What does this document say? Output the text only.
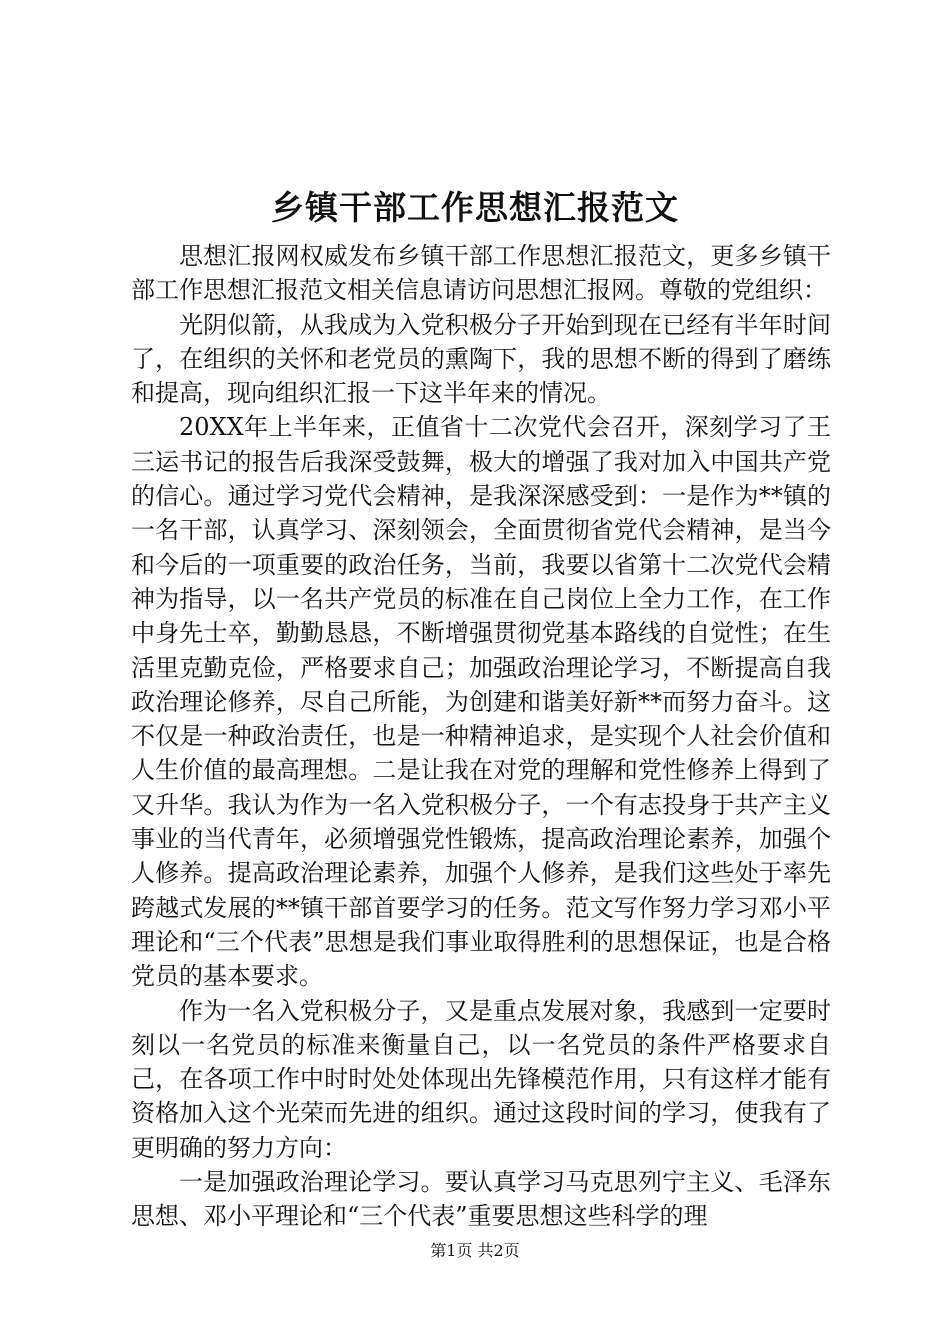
乡镇干部工作思想汇报范文

思想汇报网权威发布乡镇干部工作思想汇报范文，更多乡镇干部工作思想汇报范文相关信息请访问思想汇报网。尊敬的党组织：

光阴似箭，从我成为入党积极分子开始到现在已经有半年时间了，在组织的关怀和老党员的熏陶下，我的思想不断的得到了磨练和提高，现向组织汇报一下这半年来的情况。

20XX年上半年来，正值省十二次党代会召开，深刻学习了王三运书记的报告后我深受鼓舞，极大的增强了我对加入中国共产党的信心。通过学习党代会精神，是我深深感受到：一是作为**镇的一名干部，认真学习、深刻领会，全面贯彻省党代会精神，是当今和今后的一项重要的政治任务，当前，我要以省第十二次党代会精神为指导，以一名共产党员的标准在自己岗位上全力工作，在工作中身先士卒，勤勤恳恳，不断增强贯彻党基本路线的自觉性；在生活里克勤克俭，严格要求自己；加强政治理论学习，不断提高自我政治理论修养，尽自己所能，为创建和谐美好新**而努力奋斗。这不仅是一种政治责任，也是一种精神追求，是实现个人社会价值和人生价值的最高理想。二是让我在对党的理解和党性修养上得到了又升华。我认为作为一名入党积极分子，一个有志投身于共产主义事业的当代青年，必须增强党性锻炼，提高政治理论素养，加强个人修养。提高政治理论素养，加强个人修养，是我们这些处于率先跨越式发展的**镇干部首要学习的任务。范文写作努力学习邓小平理论和“三个代表”思想是我们事业取得胜利的思想保证，也是合格党员的基本要求。

作为一名入党积极分子，又是重点发展对象，我感到一定要时刻以一名党员的标准来衡量自己，以一名党员的条件严格要求自己，在各项工作中时时处处体现出先锋模范作用，只有这样才能有资格加入这个光荣而先进的组织。通过这段时间的学习，使我有了更明确的努力方向：

一是加强政治理论学习。要认真学习马克思列宁主义、毛泽东思想、邓小平理论和“三个代表”重要思想这些科学的理

第1页 共2页
